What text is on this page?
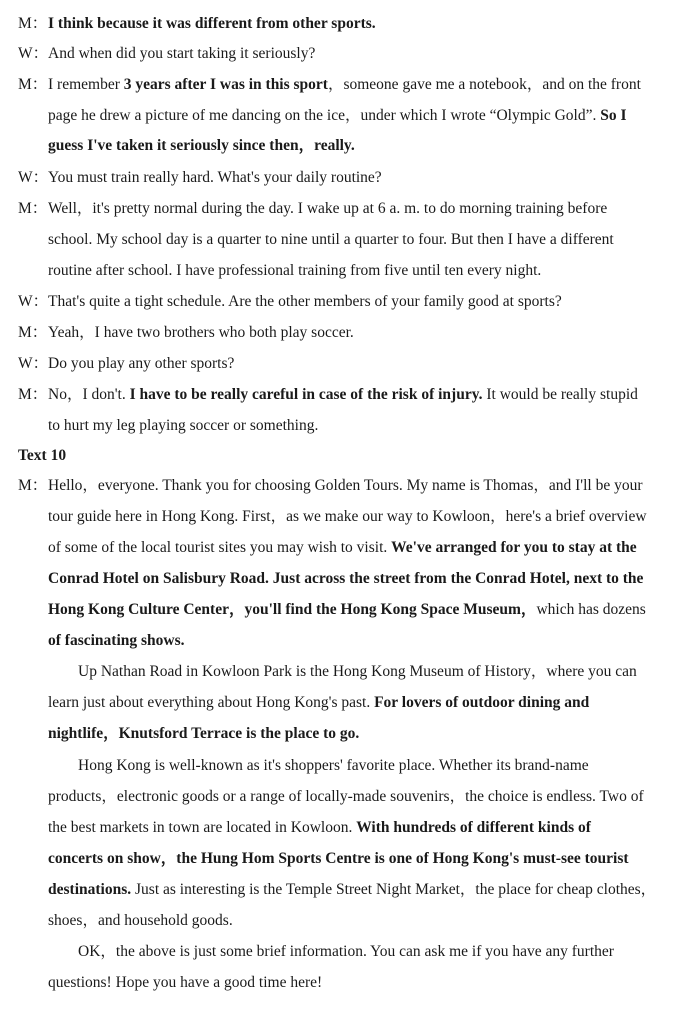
M： I think because it was different from other sports.
W： And when did you start taking it seriously?
M： I remember 3 years after I was in this sport，someone gave me a notebook，and on the front
page he drew a picture of me dancing on the ice，under which I wrote “Olympic Gold”. So I
guess I've taken it seriously since then，really.
W： You must train really hard. What's your daily routine?
M： Well，it's pretty normal during the day. I wake up at 6 a. m. to do morning training before
school. My school day is a quarter to nine until a quarter to four. But then I have a different
routine after school. I have professional training from five until ten every night.
W： That's quite a tight schedule. Are the other members of your family good at sports?
M： Yeah，I have two brothers who both play soccer.
W： Do you play any other sports?
M： No，I don't. I have to be really careful in case of the risk of injury. It would be really stupid
to hurt my leg playing soccer or something.
Text 10
M： Hello，everyone. Thank you for choosing Golden Tours. My name is Thomas，and I'll be your
tour guide here in Hong Kong. First，as we make our way to Kowloon，here's a brief overview
of some of the local tourist sites you may wish to visit. We've arranged for you to stay at the
Conrad Hotel on Salisbury Road. Just across the street from the Conrad Hotel, next to the
Hong Kong Culture Center，you'll find the Hong Kong Space Museum，which has dozens
of fascinating shows.
Up Nathan Road in Kowloon Park is the Hong Kong Museum of History，where you can
learn just about everything about Hong Kong's past. For lovers of outdoor dining and
nightlife，Knutsford Terrace is the place to go.
Hong Kong is well-known as it's shoppers' favorite place. Whether its brand-name
products，electronic goods or a range of locally-made souvenirs，the choice is endless. Two of
the best markets in town are located in Kowloon. With hundreds of different kinds of
concerts on show，the Hung Hom Sports Centre is one of Hong Kong's must-see tourist
destinations. Just as interesting is the Temple Street Night Market，the place for cheap clothes，
shoes，and household goods.
OK，the above is just some brief information. You can ask me if you have any further
questions! Hope you have a good time here!
